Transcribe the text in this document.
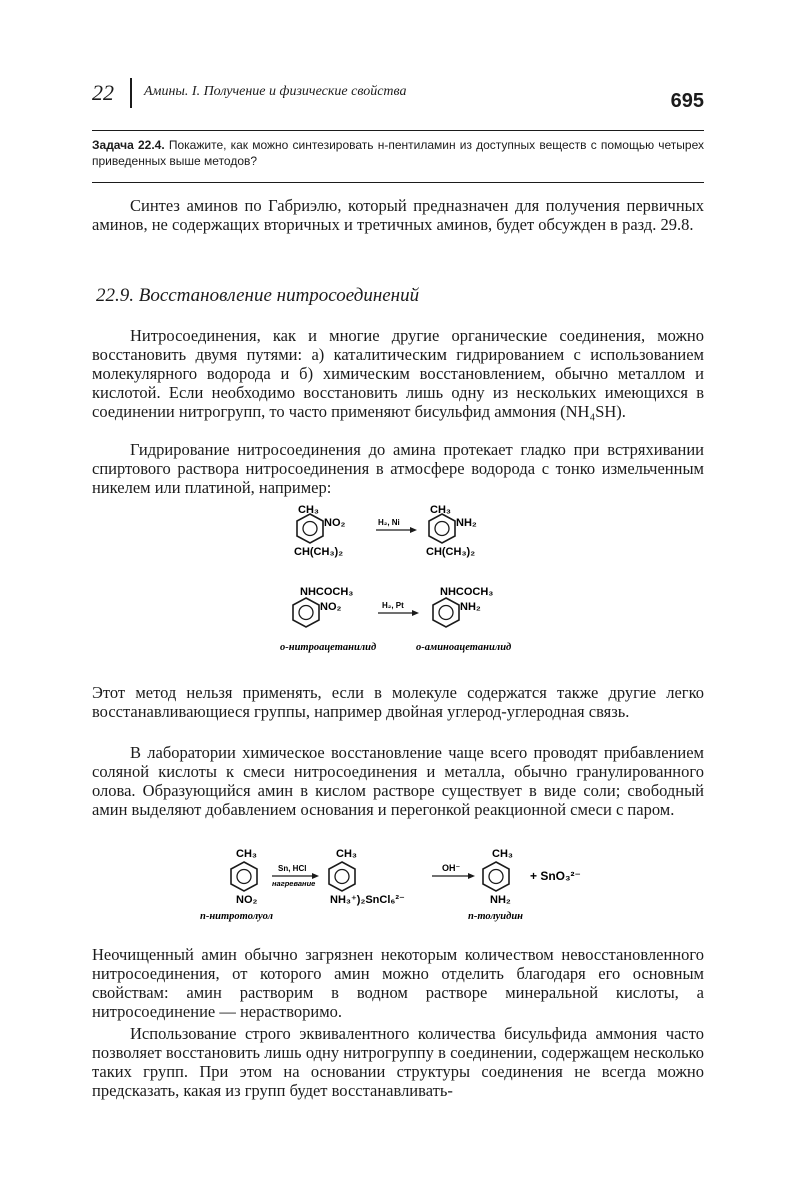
22 Амины. I. Получение и физические свойства	695
Задача 22.4. Покажите, как можно синтезировать н-пентиламин из доступных веществ с помощью четырех приведенных выше методов?

Синтез аминов по Габриэлю, который предназначен для получения первичных аминов, не содержащих вторичных и третичных аминов, будет обсужден в разд. 29.8.

22.9. Восстановление нитросоединений

Нитросоединения, как и многие другие органические соединения, можно восстановить двумя путями: а) каталитическим гидрированием с использованием молекулярного водорода и б) химическим восстановлением, обычно металлом и кислотой. Если необходимо восстановить лишь одну из нескольких имеющихся в соединении нитрогрупп, то часто применяют бисульфид аммония (NH₄SH).

Гидрирование нитросоединения до амина протекает гладко при встряхивании спиртового раствора нитросоединения в атмосфере водорода с тонко измельченным никелем или платиной, например:

CH₃
NO₂
CH(CH₃)₂
H₂, Ni
CH₃
NH₂
CH(CH₃)₂
NHCOCH₃
NO₂	H₂, Pt
NHCOCH₃
NH₂
о-нитроацетанилид	о-аминоацетанилид

Этот метод нельзя применять, если в молекуле содержатся также другие легко восстанавливающиеся группы, например двойная углерод-углеродная связь.

В лаборатории химическое восстановление чаще всего проводят прибавлением соляной кислоты к смеси нитросоединения и металла, обычно гранулированного олова. Образующийся амин в кислом растворе существует в виде соли; свободный амин выделяют добавлением основания и перегонкой реакционной смеси с паром.

CH₃
NO₂
Sn, HCl
нагревание
CH₃
NH₃⁺)₂SnCl₆²⁻
OH⁻
CH₃
NH₂
+ SnO₃²⁻
п-нитротолуол	п-толуидин

Неочищенный амин обычно загрязнен некоторым количеством невосстановленного нитросоединения, от которого амин можно отделить благодаря его основным свойствам: амин растворим в водном растворе минеральной кислоты, а нитросоединение — нерастворимо.

Использование строго эквивалентного количества бисульфида аммония часто позволяет восстановить лишь одну нитрогруппу в соединении, содержащем несколько таких групп. При этом на основании структуры соединения не всегда можно предсказать, какая из групп будет восстанавливать-
